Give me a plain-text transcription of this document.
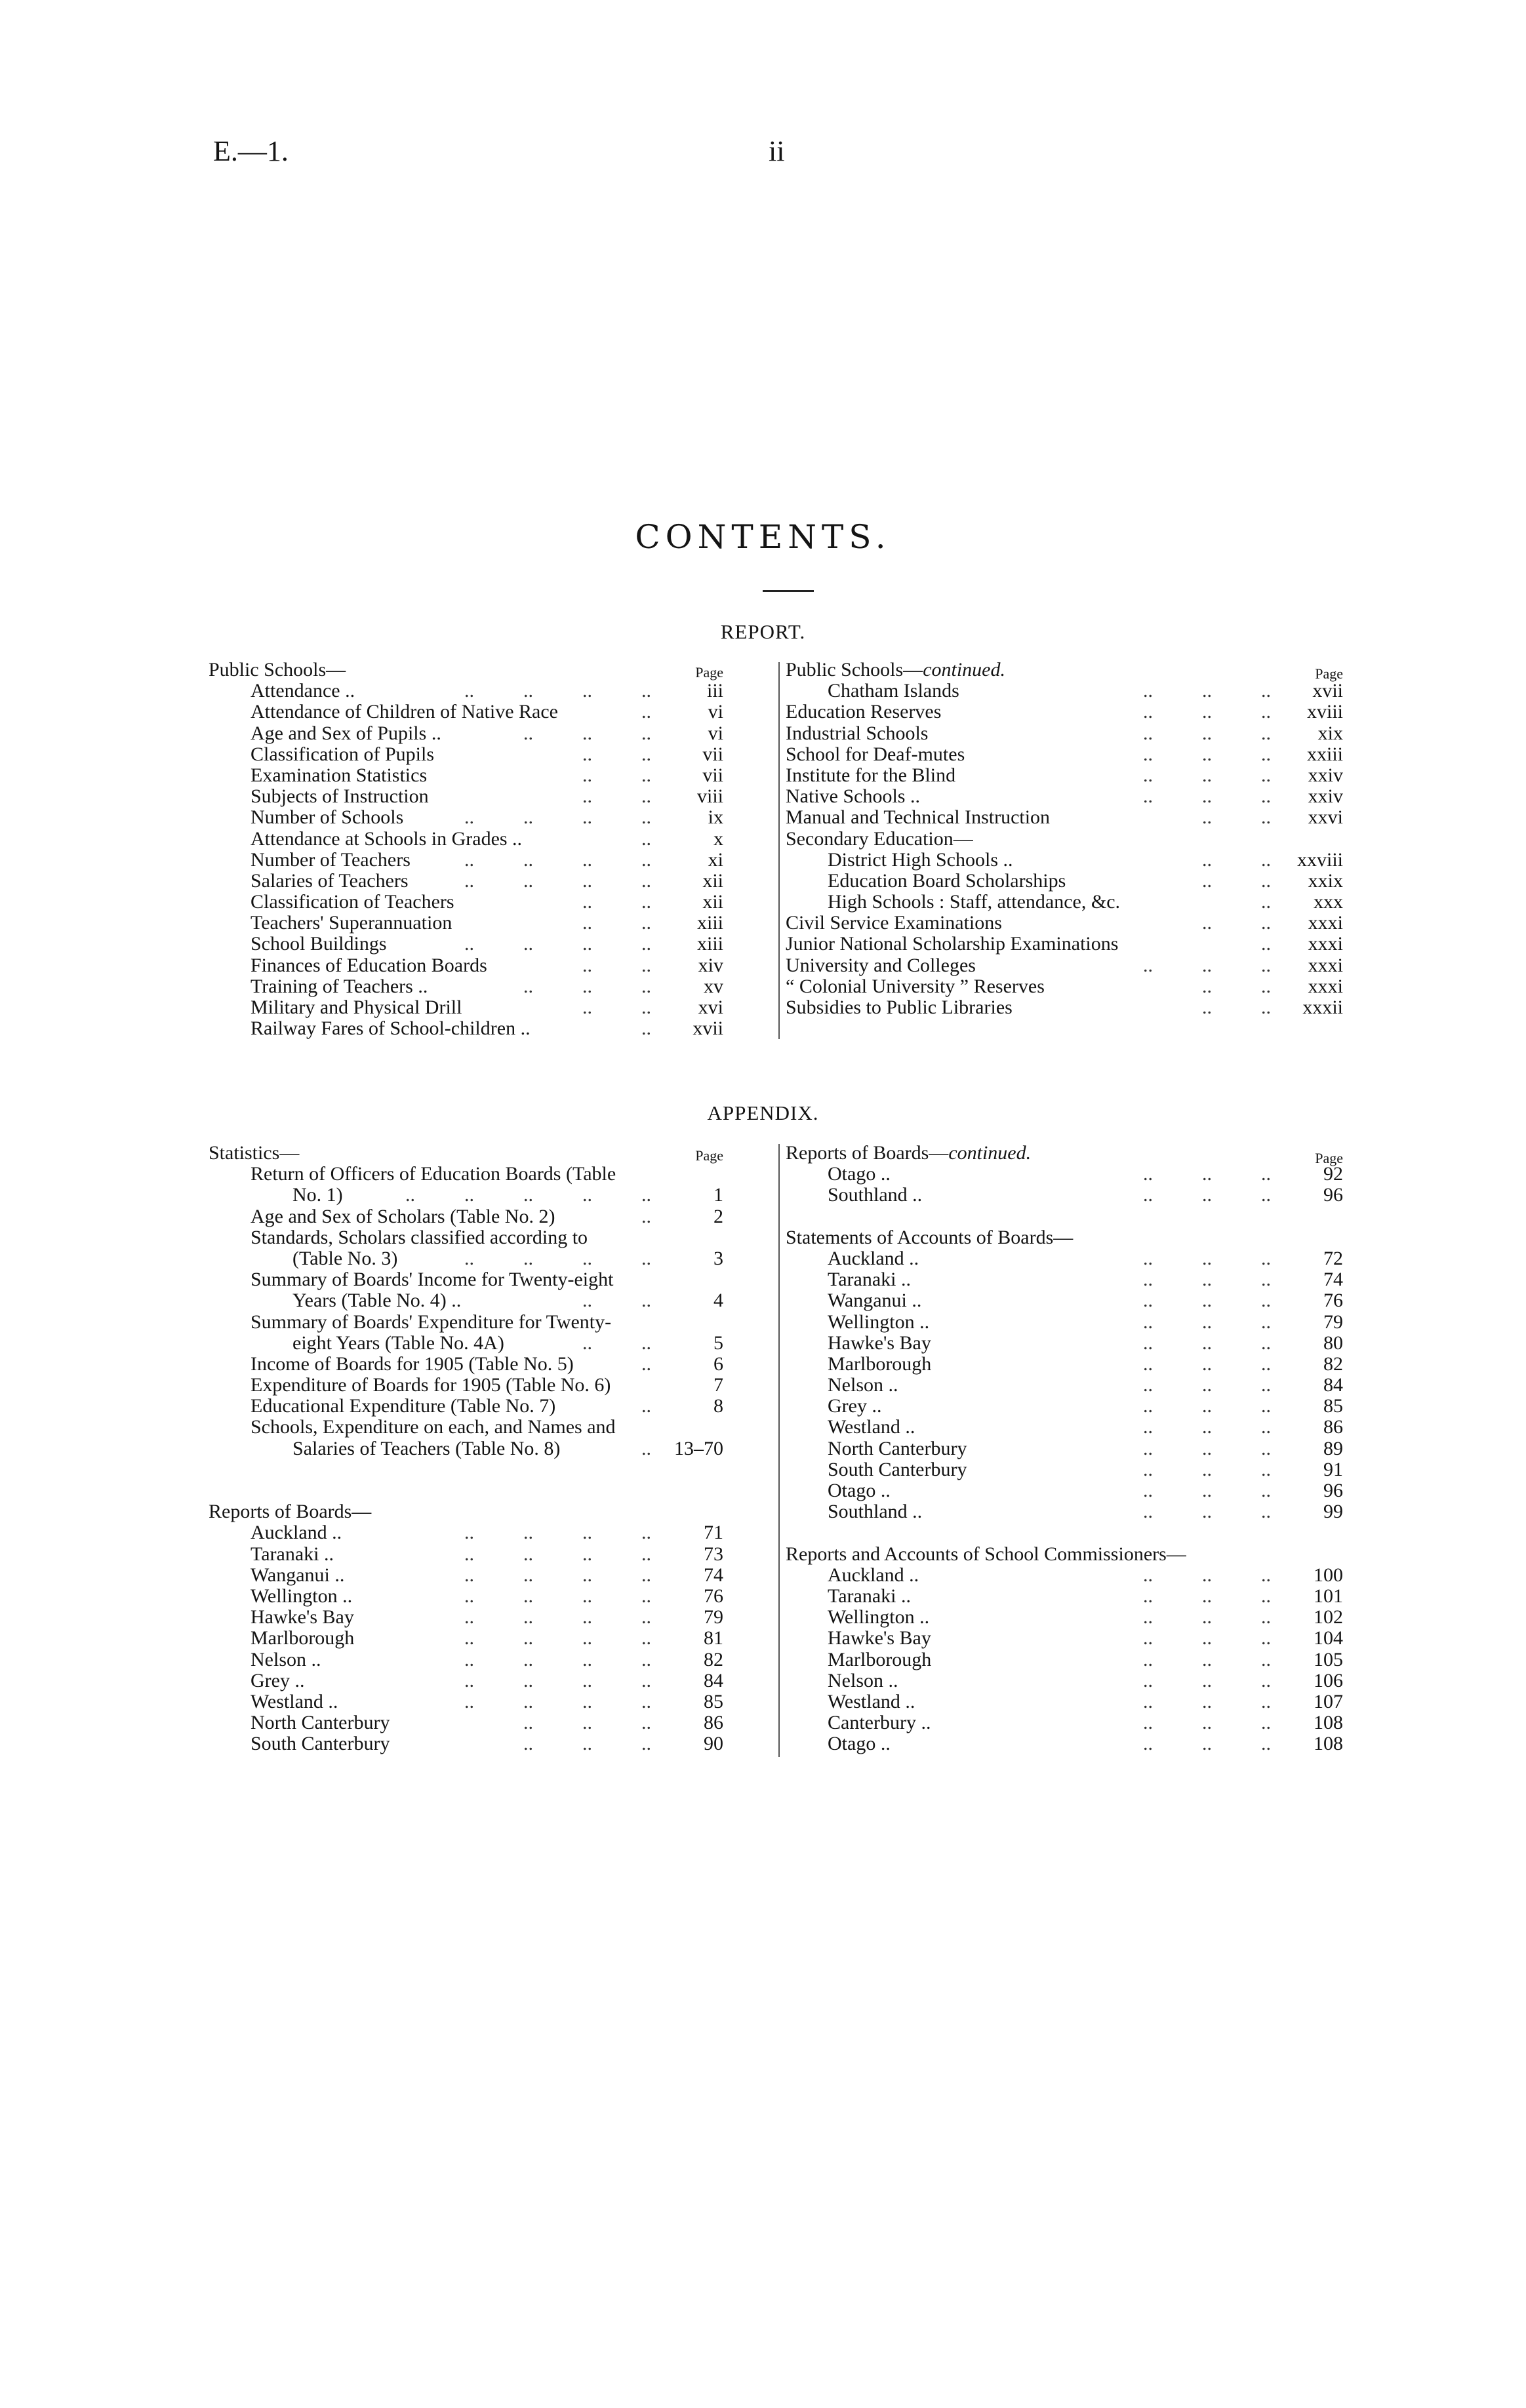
E.—1.	ii
CONTENTS.
REPORT.
Public Schools—	Page
Attendance ..	..          ..          ..          ..	iii
Attendance of Children of Native Race	..	vi
Age and Sex of Pupils ..	..          ..          ..	vi
Classification of Pupils	..          ..	vii
Examination Statistics	..          ..	vii
Subjects of Instruction	..          .. viii
Number of Schools	..          ..          ..          ..	ix
Attendance at Schools in Grades ..	..	x
Number of Teachers	..          ..          ..          ..	xi
Salaries of Teachers	..          ..          ..          ..	xii
Classification of Teachers	..          ..	xii
Teachers' Superannuation	..          .. xiii
School Buildings	..          ..          ..          .. xiii
Finances of Education Boards	..          .. xiv
Training of Teachers ..	..          ..          ..	xv
Military and Physical Drill	..          .. xvi
Railway Fares of School-children ..	.. xvii
Public Schools—continued.	Page
Chatham Islands	..          ..          .. xvii
Education Reserves	..          ..          .. xviii
Industrial Schools	..          ..          .. xix
School for Deaf-mutes	..          ..          .. xxiii
Institute for the Blind	..          ..          .. xxiv
Native Schools ..	..          ..          .. xxiv
Manual and Technical Instruction	..          .. xxvi
Secondary Education—
District High Schools ..	..          .. xxviii
Education Board Scholarships	..          .. xxix
High Schools : Staff, attendance, &c.	.. xxx
Civil Service Examinations	..          .. xxxi
Junior National Scholarship Examinations	.. xxxi
University and Colleges	..          ..          .. xxxi
“ Colonial University ” Reserves	..          .. xxxi
Subsidies to Public Libraries	..          .. xxxii
APPENDIX.
Page
Statistics—
Return of Officers of Education Boards (Table
No. 1)	..          ..          ..          ..          ..	1
Age and Sex of Scholars (Table No. 2)	..	2
Standards, Scholars classified according to
(Table No. 3)	..          ..          ..          ..	3
Summary of Boards' Income for Twenty-eight
Years (Table No. 4) ..	..          ..	4
Summary of Boards' Expenditure for Twenty-
eight Years (Table No. 4A)	..          ..	5
Income of Boards for 1905 (Table No. 5)	..	6
Expenditure of Boards for 1905 (Table No. 6)	7
Educational Expenditure (Table No. 7)	..	8
Schools, Expenditure on each, and Names and
Salaries of Teachers (Table No. 8)	.. 13–70
Reports of Boards—
Auckland ..	..          ..          ..          ..	71
Taranaki ..	..          ..          ..          ..	73
Wanganui ..	..          ..          ..          ..	74
Wellington ..	..          ..          ..          ..	76
Hawke's Bay	..          ..          ..          ..	79
Marlborough	..          ..          ..          ..	81
Nelson ..	..          ..          ..          ..	82
Grey ..	..          ..          ..          ..	84
Westland ..	..          ..          ..          ..	85
North Canterbury	..          ..          ..	86
South Canterbury	..          ..          ..	90
Reports of Boards—continued.	Page
Otago ..	..          ..          ..	92
Southland ..	..          ..          ..	96
Statements of Accounts of Boards—
Auckland ..	..          ..          ..	72
Taranaki ..	..          ..          ..	74
Wanganui ..	..          ..          ..	76
Wellington ..	..          ..          ..	79
Hawke's Bay	..          ..          ..	80
Marlborough	..          ..          ..	82
Nelson ..	..          ..          ..	84
Grey ..	..          ..          ..	85
Westland ..	..          ..          ..	86
North Canterbury	..          ..          ..	89
South Canterbury	..          ..          ..	91
Otago ..	..          ..          ..	96
Southland ..	..          ..          ..	99
Reports and Accounts of School Commissioners—
Auckland ..	..          ..          .. 100
Taranaki ..	..          ..          .. 101
Wellington ..	..          ..          .. 102
Hawke's Bay	..          ..          .. 104
Marlborough	..          ..          .. 105
Nelson ..	..          ..          .. 106
Westland ..	..          ..          .. 107
Canterbury ..	..          ..          .. 108
Otago ..	..          ..          .. 108
